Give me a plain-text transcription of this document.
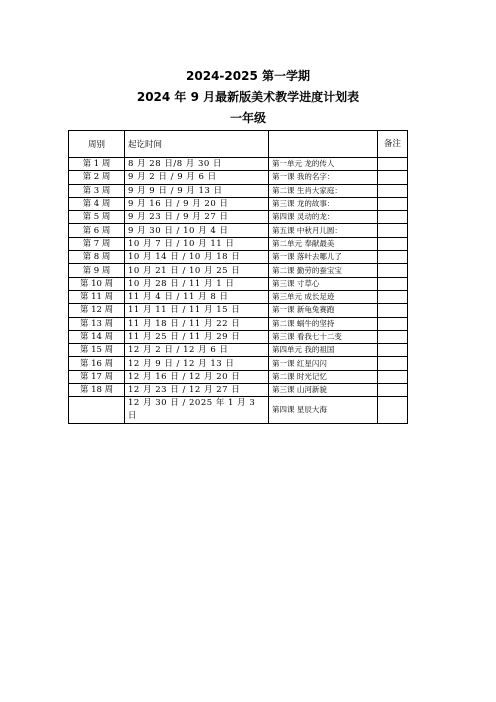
2024-2025 第一学期
2024 年 9 月最新版美术教学进度计划表
一年级
周别	起讫时间		备注
第 1 周	8 月 28 日/8 月 30 日	第一单元 龙的传人	
第 2 周	9 月 2 日 / 9 月 6 日	第一课 我的名字：	
第 3 周	9 月 9 日 / 9 月 13 日	第二课 生肖大家庭：	
第 4 周	9 月 16 日 / 9 月 20 日	第三课 龙的故事：	
第 5 周	9 月 23 日 / 9 月 27 日	第四课 灵动的龙：	
第 6 周	9 月 30 日 / 10 月 4 日	第五课 中秋月儿圆：	
第 7 周	10 月 7 日 / 10 月 11 日	第二单元 奉献最美	
第 8 周	10 月 14 日 / 10 月 18 日	第一课 落叶去哪儿了	
第 9 周	10 月 21 日 / 10 月 25 日	第二课 勤劳的蚕宝宝	
第 10 周	10 月 28 日 / 11 月 1 日	第三课 寸草心	
第 11 周	11 月 4 日 / 11 月 8 日	第三单元 成长足迹	
第 12 周	11 月 11 日 / 11 月 15 日	第一课 新龟兔赛跑	
第 13 周	11 月 18 日 / 11 月 22 日	第二课 蜗牛的坚持	
第 14 周	11 月 25 日 / 11 月 29 日	第三课 看我七十二变	
第 15 周	12 月 2 日 / 12 月 6 日	第四单元 我的祖国	
第 16 周	12 月 9 日 / 12 月 13 日	第一课 红星闪闪	
第 17 周	12 月 16 日 / 12 月 20 日	第二课 时光记忆	
第 18 周	12 月 23 日 / 12 月 27 日	第三课 山河新貌	
	12 月 30 日 / 2025 年 1 月 3 日	第四课 星辰大海	
